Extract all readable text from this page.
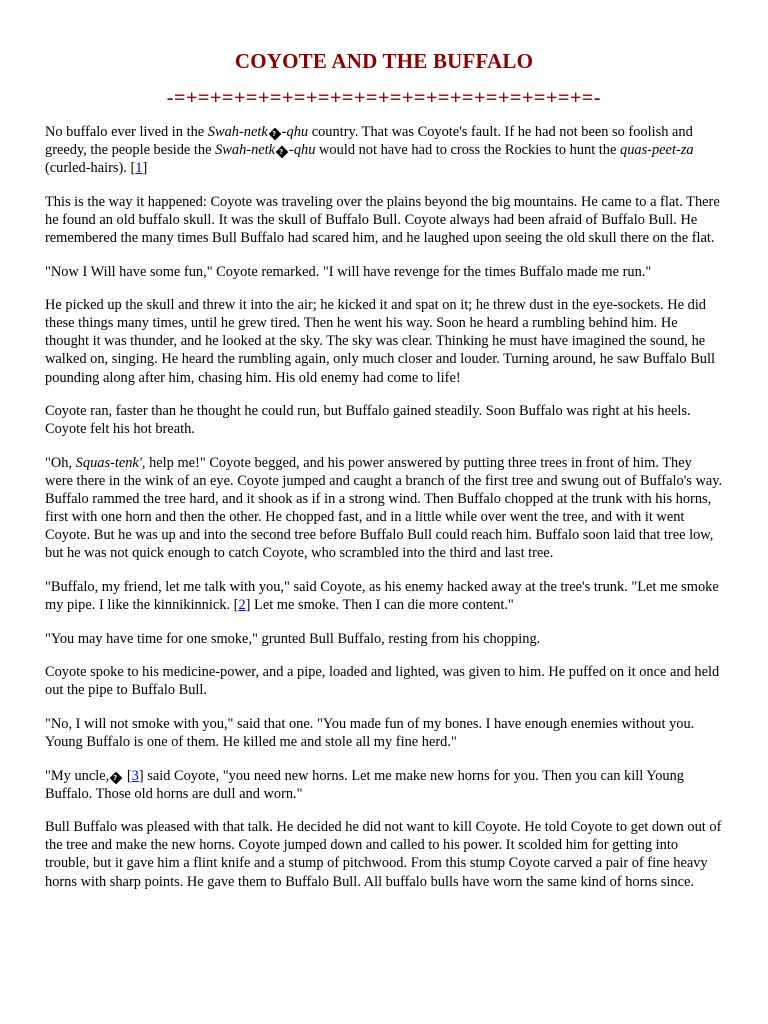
COYOTE AND THE BUFFALO
-=+=+=+=+=+=+=+=+=+=+=+=+=+=+=+=+=+=-

No buffalo ever lived in the Swah-netk ? -qhu country. That was Coyote's fault. If he had not been so foolish and greedy, the people beside the Swah-netk ? -qhu would not have had to cross the Rockies to hunt the quas-peet-za (curled-hairs). [1]

This is the way it happened: Coyote was traveling over the plains beyond the big mountains. He came to a flat. There he found an old buffalo skull. It was the skull of Buffalo Bull. Coyote always had been afraid of Buffalo Bull. He remembered the many times Bull Buffalo had scared him, and he laughed upon seeing the old skull there on the flat.

"Now I Will have some fun," Coyote remarked. "I will have revenge for the times Buffalo made me run."

He picked up the skull and threw it into the air; he kicked it and spat on it; he threw dust in the eye-sockets. He did these things many times, until he grew tired. Then he went his way. Soon he heard a rumbling behind him. He thought it was thunder, and he looked at the sky. The sky was clear. Thinking he must have imagined the sound, he walked on, singing. He heard the rumbling again, only much closer and louder. Turning around, he saw Buffalo Bull pounding along after him, chasing him. His old enemy had come to life!

Coyote ran, faster than he thought he could run, but Buffalo gained steadily. Soon Buffalo was right at his heels. Coyote felt his hot breath.

"Oh, Squas-tenk', help me!" Coyote begged, and his power answered by putting three trees in front of him. They were there in the wink of an eye. Coyote jumped and caught a branch of the first tree and swung out of Buffalo's way. Buffalo rammed the tree hard, and it shook as if in a strong wind. Then Buffalo chopped at the trunk with his horns, first with one horn and then the other. He chopped fast, and in a little while over went the tree, and with it went Coyote. But he was up and into the second tree before Buffalo Bull could reach him. Buffalo soon laid that tree low, but he was not quick enough to catch Coyote, who scrambled into the third and last tree.

"Buffalo, my friend, let me talk with you," said Coyote, as his enemy hacked away at the tree's trunk. "Let me smoke my pipe. I like the kinnikinnick. [2] Let me smoke. Then I can die more content."

"You may have time for one smoke," grunted Bull Buffalo, resting from his chopping.

Coyote spoke to his medicine-power, and a pipe, loaded and lighted, was given to him. He puffed on it once and held out the pipe to Buffalo Bull.

"No, I will not smoke with you," said that one. "You made fun of my bones. I have enough enemies without you. Young Buffalo is one of them. He killed me and stole all my fine herd."

"My uncle, ? [3] said Coyote, "you need new horns. Let me make new horns for you. Then you can kill Young Buffalo. Those old horns are dull and worn."

Bull Buffalo was pleased with that talk. He decided he did not want to kill Coyote. He told Coyote to get down out of the tree and make the new horns. Coyote jumped down and called to his power. It scolded him for getting into trouble, but it gave him a flint knife and a stump of pitchwood. From this stump Coyote carved a pair of fine heavy horns with sharp points. He gave them to Buffalo Bull. All buffalo bulls have worn the same kind of horns since.
